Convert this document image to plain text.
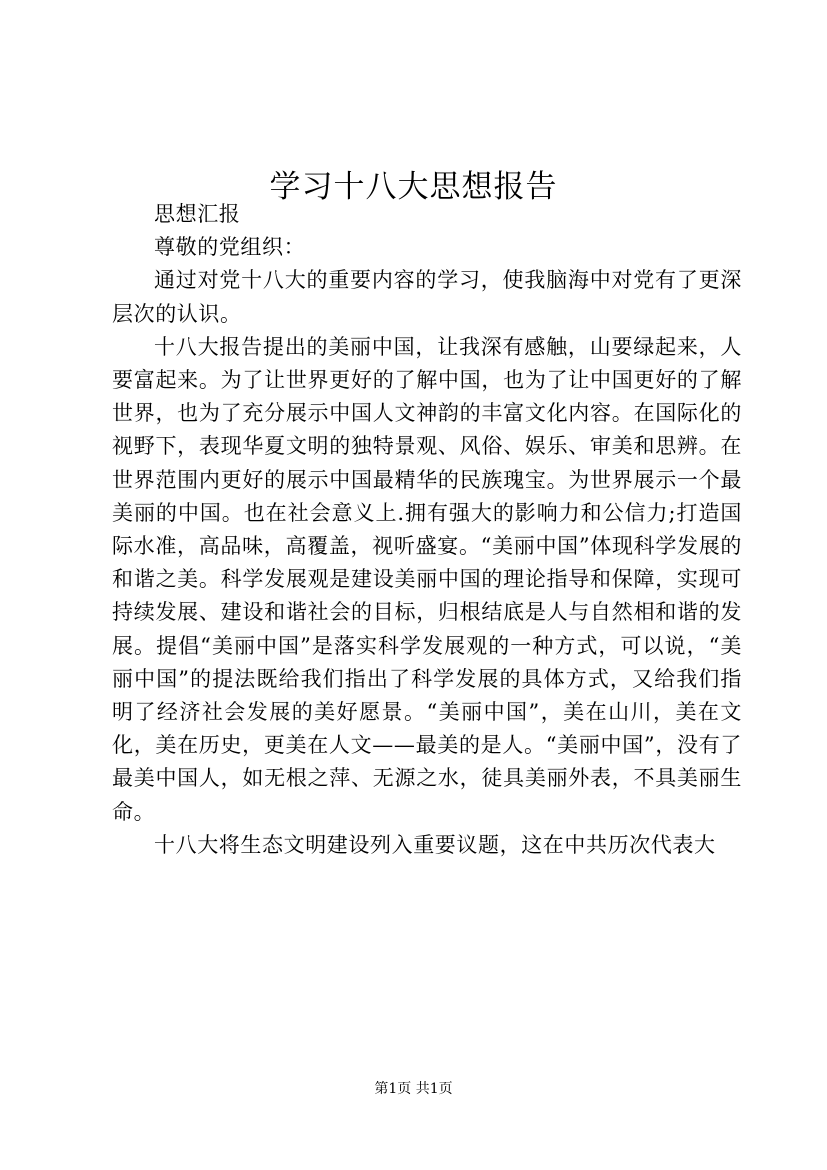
学习十八大思想报告

思想汇报

尊敬的党组织：

通过对党十八大的重要内容的学习，使我脑海中对党有了更深层次的认识。

十八大报告提出的美丽中国，让我深有感触，山要绿起来，人要富起来。为了让世界更好的了解中国，也为了让中国更好的了解世界，也为了充分展示中国人文神韵的丰富文化内容。在国际化的视野下，表现华夏文明的独特景观、风俗、娱乐、审美和思辨。在世界范围内更好的展示中国最精华的民族瑰宝。为世界展示一个最美丽的中国。也在社会意义上.拥有强大的影响力和公信力;打造国际水准，高品味，高覆盖，视听盛宴。“美丽中国”体现科学发展的和谐之美。科学发展观是建设美丽中国的理论指导和保障，实现可持续发展、建设和谐社会的目标，归根结底是人与自然相和谐的发展。提倡“美丽中国”是落实科学发展观的一种方式，可以说，“美丽中国”的提法既给我们指出了科学发展的具体方式，又给我们指明了经济社会发展的美好愿景。“美丽中国”，美在山川，美在文化，美在历史，更美在人文——最美的是人。“美丽中国”，没有了最美中国人，如无根之萍、无源之水，徒具美丽外表，不具美丽生命。

十八大将生态文明建设列入重要议题，这在中共历次代表大

第1页 共1页
